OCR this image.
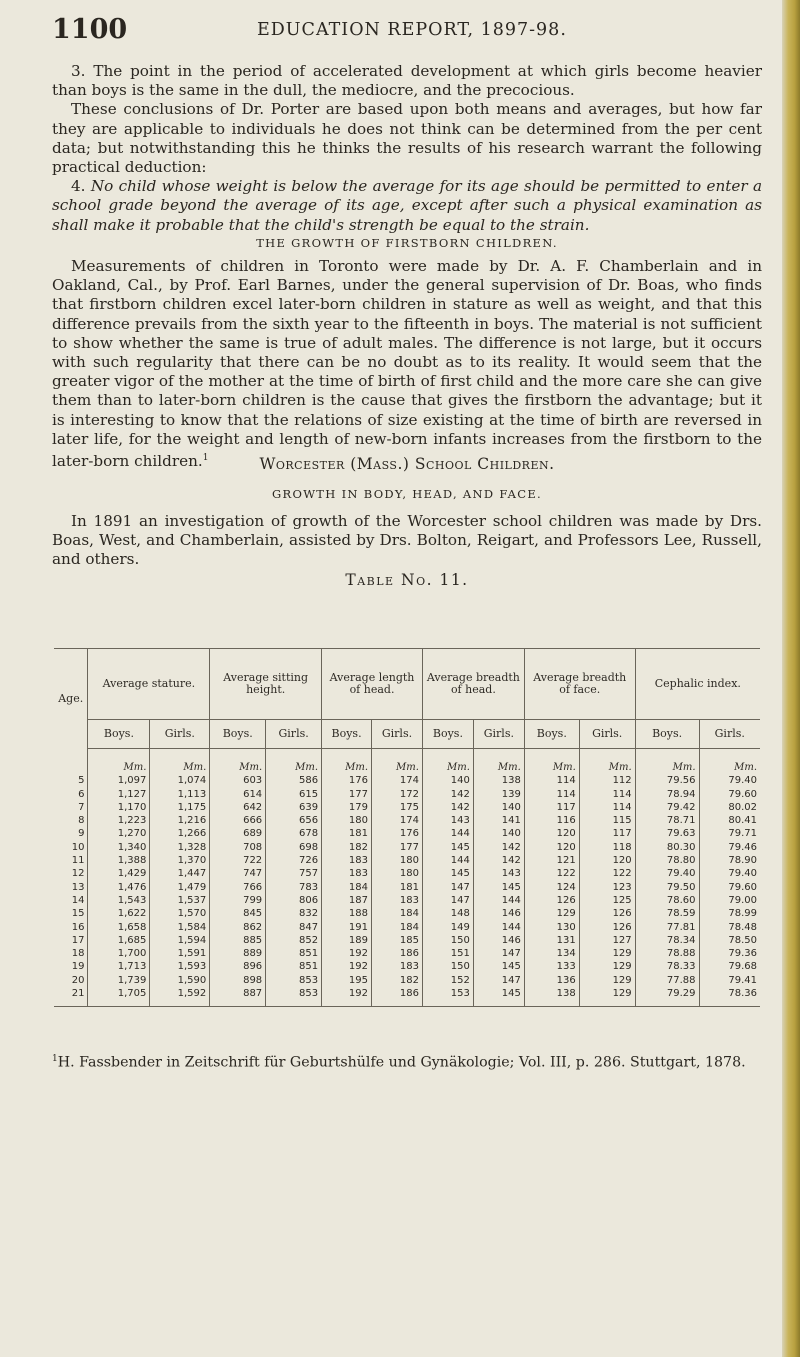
1100	EDUCATION REPORT, 1897-98.

3. The point in the period of accelerated development at which girls become heavier than boys is the same in the dull, the mediocre, and the precocious.

These conclusions of Dr. Porter are based upon both means and averages, but how far they are applicable to individuals he does not think can be determined from the per cent data; but notwithstanding this he thinks the results of his research warrant the following practical deduction:

4. No child whose weight is below the average for its age should be permitted to enter a school grade beyond the average of its age, except after such a physical examination as shall make it probable that the child's strength be equal to the strain.

THE GROWTH OF FIRSTBORN CHILDREN.

Measurements of children in Toronto were made by Dr. A. F. Chamberlain and in Oakland, Cal., by Prof. Earl Barnes, under the general supervision of Dr. Boas, who finds that firstborn children excel later-born children in stature as well as weight, and that this difference prevails from the sixth year to the fifteenth in boys. The material is not sufficient to show whether the same is true of adult males. The difference is not large, but it occurs with such regularity that there can be no doubt as to its reality. It would seem that the greater vigor of the mother at the time of birth of first child and the more care she can give them than to later-born children is the cause that gives the firstborn the advantage; but it is interesting to know that the relations of size existing at the time of birth are reversed in later life, for the weight and length of new-born infants increases from the firstborn to the later-born children.$^1$	Worcester (Mass.) School Children.
GROWTH IN BODY, HEAD, AND FACE.

In 1891 an investigation of growth of the Worcester school children was made by Drs. Boas, West, and Chamberlain, assisted by Drs. Bolton, Reigart, and Professors Lee, Russell, and others.

Table No. 11.
Age.	Average stature.		Average sitting height.		Average length of head.		Average breadth of head.		Average breadth of face.		Cephalic index.	
	Boys.	Girls.	Boys.	Girls.	Boys.	Girls.	Boys.	Girls.	Boys.	Girls.	Boys.	Girls.
	Mm.	Mm.	Mm.	Mm.	Mm.	Mm.	Mm.	Mm.	Mm.	Mm.	Mm.	Mm.
5	1,097	1,074	603	586	176	174	140	138	114	112	79.56	79.40
6	1,127	1,113	614	615	177	172	142	139	114	114	78.94	79.60
7	1,170	1,175	642	639	179	175	142	140	117	114	79.42	80.02
8	1,223	1,216	666	656	180	174	143	141	116	115	78.71	80.41
9	1,270	1,266	689	678	181	176	144	140	120	117	79.63	79.71
10	1,340	1,328	708	698	182	177	145	142	120	118	80.30	79.46
11	1,388	1,370	722	726	183	180	144	142	121	120	78.80	78.90
12	1,429	1,447	747	757	183	180	145	143	122	122	79.40	79.40
13	1,476	1,479	766	783	184	181	147	145	124	123	79.50	79.60
14	1,543	1,537	799	806	187	183	147	144	126	125	78.60	79.00
15	1,622	1,570	845	832	188	184	148	146	129	126	78.59	78.99
16	1,658	1,584	862	847	191	184	149	144	130	126	77.81	78.48
17	1,685	1,594	885	852	189	185	150	146	131	127	78.34	78.50
18	1,700	1,591	889	851	192	186	151	147	134	129	78.88	79.36
19	1,713	1,593	896	851	192	183	150	145	133	129	78.33	79.68
20	1,739	1,590	898	853	195	182	152	147	136	129	77.88	79.41
21	1,705	1,592	887	853	192	186	153	145	138	129	79.29	78.36
$^1$H. Fassbender in Zeitschrift für Geburtshülfe und Gynäkologie; Vol. III, p. 286. Stuttgart, 1878.
